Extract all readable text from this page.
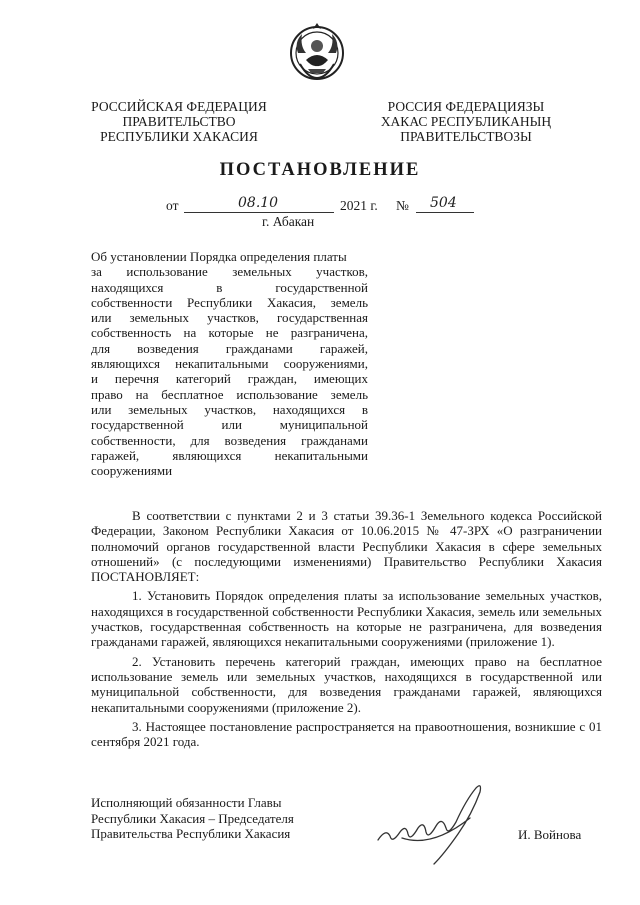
РОССИЙСКАЯ ФЕДЕРАЦИЯ
ПРАВИТЕЛЬСТВО
РЕСПУБЛИКИ ХАКАСИЯ
РОССИЯ ФЕДЕРАЦИЯЗЫ
ХАКАС РЕСПУБЛИКАНЫҢ
ПРАВИТЕЛЬСТВОЗЫ
ПОСТАНОВЛЕНИЕ
от	08.10	2021 г. № 504
г. Абакан
Об установлении Порядка определения платы
за использование земельных участков,
находящихся в государственной
собственности Республики Хакасия, земель
или земельных участков, государственная
собственность на которые не разграничена,
для возведения гражданами гаражей,
являющихся некапитальными сооружениями,
и перечня категорий граждан, имеющих
право на бесплатное использование земель
или земельных участков, находящихся в
государственной или муниципальной
собственности, для возведения гражданами
гаражей, являющихся некапитальными
сооружениями

В соответствии с пунктами 2 и 3 статьи 39.36-1 Земельного кодекса Российской Федерации, Законом Республики Хакасия от 10.06.2015 № 47-ЗРХ «О разграничении полномочий органов государственной власти Республики Хакасия в сфере земельных отношений» (с последующими изменениями) Правительство Республики Хакасия ПОСТАНОВЛЯЕТ:

1. Установить Порядок определения платы за использование земельных участков, находящихся в государственной собственности Республики Хакасия, земель или земельных участков, государственная собственность на которые не разграничена, для возведения гражданами гаражей, являющихся некапитальными сооружениями (приложение 1).

2. Установить перечень категорий граждан, имеющих право на бесплатное использование земель или земельных участков, находящихся в государственной или муниципальной собственности, для возведения гражданами гаражей, являющихся некапитальными сооружениями (приложение 2).

3. Настоящее постановление распространяется на правоотношения, возникшие с 01 сентября 2021 года.

Исполняющий обязанности Главы
Республики Хакасия – Председателя
Правительства Республики Хакасия	И. Войнова
